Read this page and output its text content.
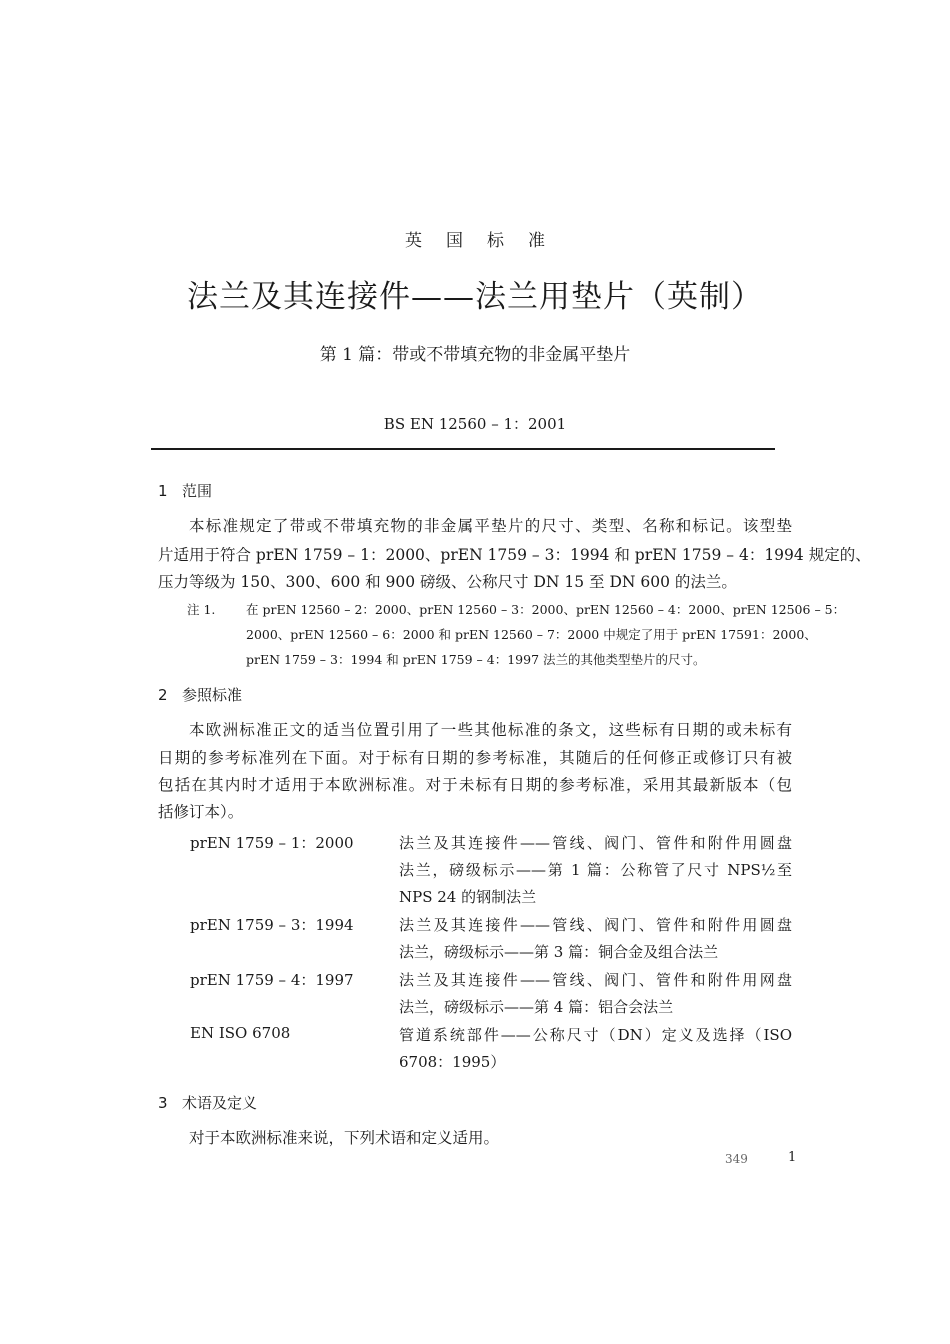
英国标准
法兰及其连接件——法兰用垫片（英制）
第 1 篇：带或不带填充物的非金属平垫片
BS EN 12560 – 1：2001
1 范围
本标准规定了带或不带填充物的非金属平垫片的尺寸、类型、名称和标记。该型垫
片适用于符合 prEN 1759 – 1：2000、prEN 1759 – 3：1994 和 prEN 1759 – 4：1994 规定的、
压力等级为 150、300、600 和 900 磅级、公称尺寸 DN 15 至 DN 600 的法兰。
注 1. 在 prEN 12560 – 2：2000、prEN 12560 – 3：2000、prEN 12560 – 4：2000、prEN 12506 – 5：
2000、prEN 12560 – 6：2000 和 prEN 12560 – 7：2000 中规定了用于 prEN 17591：2000、
prEN 1759 – 3：1994 和 prEN 1759 – 4：1997 法兰的其他类型垫片的尺寸。
2 参照标准
本欧洲标准正文的适当位置引用了一些其他标准的条文，这些标有日期的或未标有
日期的参考标准列在下面。对于标有日期的参考标准，其随后的任何修正或修订只有被
包括在其内时才适用于本欧洲标准。对于未标有日期的参考标准，采用其最新版本（包
括修订本）。
prEN 1759 – 1：2000	法兰及其连接件——管线、阀门、管件和附件用圆盘
法兰，磅级标示——第 1 篇：公称管了尺寸 NPS½至
NPS 24 的钢制法兰
prEN 1759 – 3：1994	法兰及其连接件——管线、阀门、管件和附件用圆盘
法兰，磅级标示——第 3 篇：铜合金及组合法兰
prEN 1759 – 4：1997	法兰及其连接件——管线、阀门、管件和附件用网盘
法兰，磅级标示——第 4 篇：铝合会法兰
EN ISO 6708	管道系统部件——公称尺寸（DN）定义及选择（ISO
6708：1995）
3 术语及定义
对于本欧洲标准来说，下列术语和定义适用。
349	1
